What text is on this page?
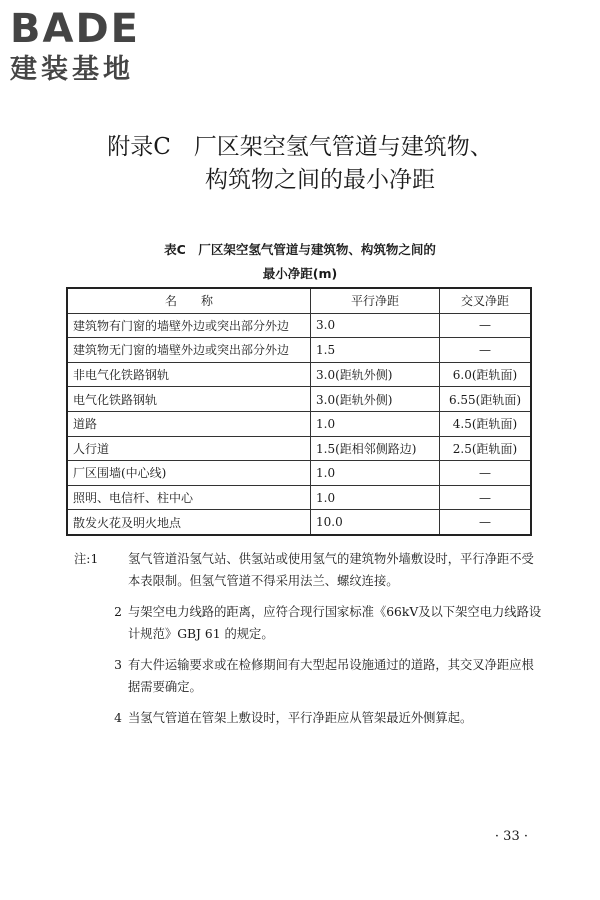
BADE
建装基地
附录C　厂区架空氢气管道与建筑物、
构筑物之间的最小净距
表C　厂区架空氢气管道与建筑物、构筑物之间的
最小净距(m)
名　　称	平行净距	交叉净距
建筑物有门窗的墙壁外边或突出部分外边	3.0	—
建筑物无门窗的墙壁外边或突出部分外边	1.5	—
非电气化铁路钢轨	3.0(距轨外侧)	6.0(距轨面)
电气化铁路钢轨	3.0(距轨外侧)	6.55(距轨面)
道路	1.0	4.5(距轨面)
人行道	1.5(距相邻侧路边)	2.5(距轨面)
厂区围墙(中心线)	1.0	—
照明、电信杆、柱中心	1.0	—
散发火花及明火地点	10.0	—
注:1	氢气管道沿氢气站、供氢站或使用氢气的建筑物外墙敷设时，平行净距不受本表限制。但氢气管道不得采用法兰、螺纹连接。
2 与架空电力线路的距离，应符合现行国家标准《66kV及以下架空电力线路设计规范》GBJ 61 的规定。
3 有大件运输要求或在检修期间有大型起吊设施通过的道路，其交叉净距应根据需要确定。
4 当氢气管道在管架上敷设时，平行净距应从管架最近外侧算起。
· 33 ·
